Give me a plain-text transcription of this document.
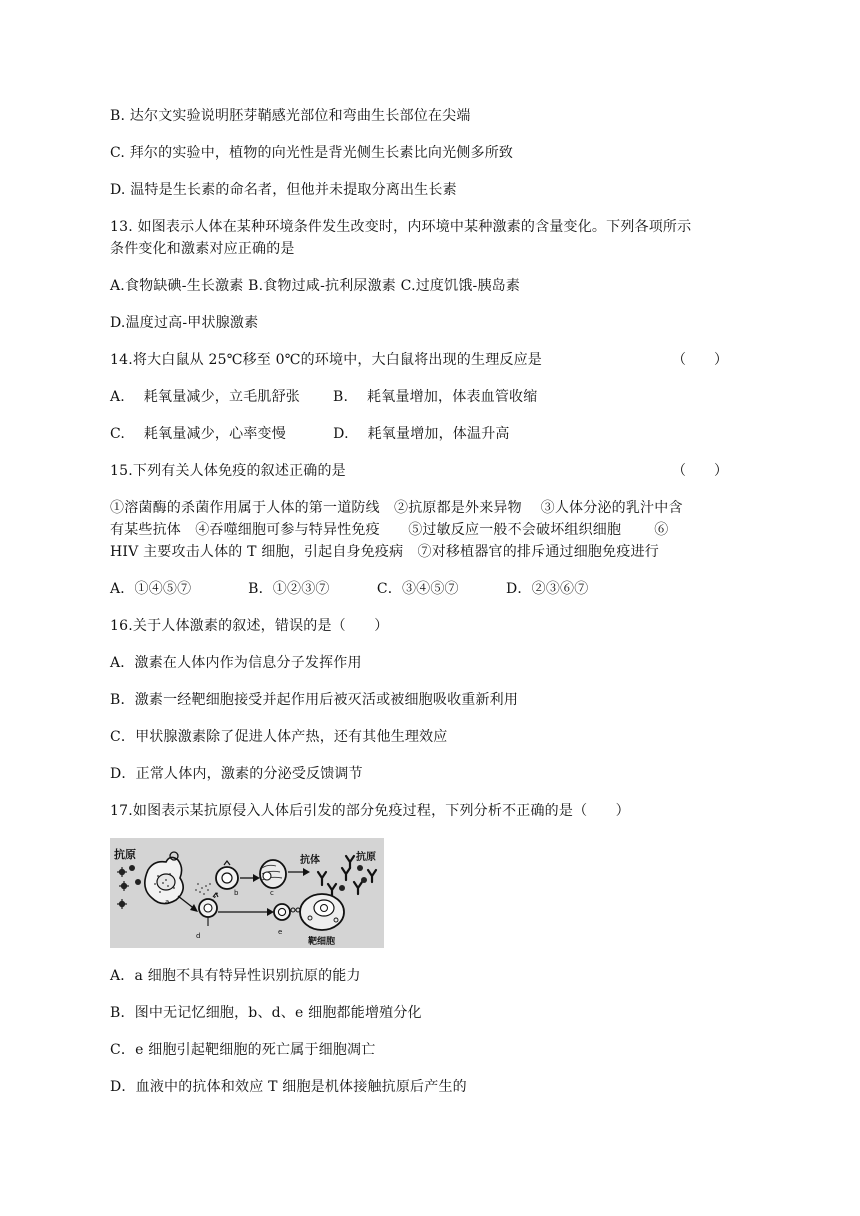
B. 达尔文实验说明胚芽鞘感光部位和弯曲生长部位在尖端
C. 拜尔的实验中，植物的向光性是背光侧生长素比向光侧多所致
D. 温特是生长素的命名者，但他并未提取分离出生长素
13. 如图表示人体在某种环境条件发生改变时，内环境中某种激素的含量变化。下列各项所示
条件变化和激素对应正确的是
A.食物缺碘-生长激素 B.食物过咸-抗利尿激素 C.过度饥饿-胰岛素
D.温度过高-甲状腺激素
14.将大白鼠从 25℃移至 0℃的环境中，大白鼠将出现的生理反应是	（　　）
A.　 耗氧量减少，立毛肌舒张　　 B.　 耗氧量增加，体表血管收缩
C.　 耗氧量减少，心率变慢　　　 D.　 耗氧量增加，体温升高
15.下列有关人体免疫的叙述正确的是	（　　）
①溶菌酶的杀菌作用属于人体的第一道防线　②抗原都是外来异物　 ③人体分泌的乳汁中含
有某些抗体　④吞噬细胞可参与特异性免疫　　⑤过敏反应一般不会破坏组织细胞　　 ⑥
HIV 主要攻击人体的 T 细胞，引起自身免疫病　⑦对移植器官的排斥通过细胞免疫进行
A．①④⑤⑦　　　　B．①②③⑦　　　 C．③④⑤⑦　　　 D．②③⑥⑦
16.关于人体激素的叙述，错误的是（　　）
A．激素在人体内作为信息分子发挥作用
B．激素一经靶细胞接受并起作用后被灭活或被细胞吸收重新利用
C．甲状腺激素除了促进人体产热，还有其他生理效应
D．正常人体内，激素的分泌受反馈调节
17.如图表示某抗原侵入人体后引发的部分免疫过程，下列分析不正确的是（　　）
抗原	抗体	抗原
靶细胞
a
b	c
d	e
A．a 细胞不具有特异性识别抗原的能力
B．图中无记忆细胞，b、d、e 细胞都能增殖分化
C．e 细胞引起靶细胞的死亡属于细胞凋亡
D．血液中的抗体和效应 T 细胞是机体接触抗原后产生的
